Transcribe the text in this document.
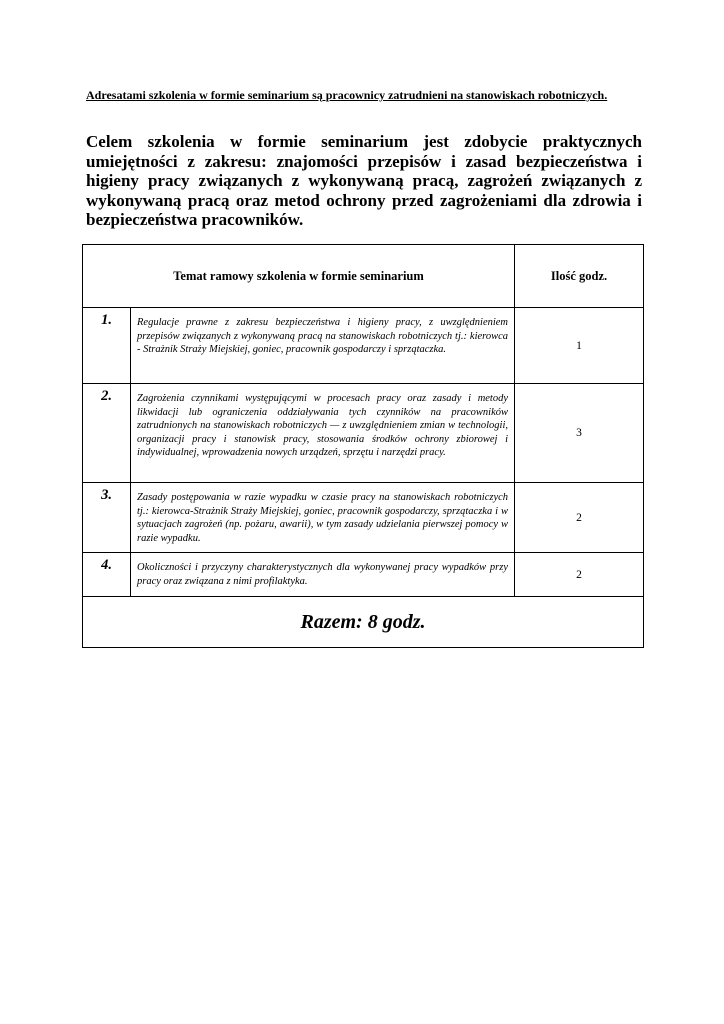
Adresatami szkolenia w formie seminarium są pracownicy zatrudnieni na stanowiskach robotniczych.
Celem szkolenia w formie seminarium jest zdobycie praktycznych umiejętności z zakresu: znajomości przepisów i zasad bezpieczeństwa i higieny pracy związanych z wykonywaną pracą, zagrożeń związanych z wykonywaną pracą oraz metod ochrony przed zagrożeniami dla zdrowia i bezpieczeństwa pracowników.
Temat ramowy szkolenia w formie seminarium		Ilość godz.
1.	Regulacje prawne z zakresu bezpieczeństwa i higieny pracy, z uwzględnieniem przepisów związanych z wykonywaną pracą na stanowiskach robotniczych tj.: kierowca - Strażnik Straży Miejskiej, goniec, pracownik gospodarczy i sprzątaczka.	1
2.	Zagrożenia czynnikami występującymi w procesach pracy oraz zasady i metody likwidacji lub ograniczenia oddziaływania tych czynników na pracowników zatrudnionych na stanowiskach robotniczych — z uwzględnieniem zmian w technologii, organizacji pracy i stanowisk pracy, stosowania środków ochrony zbiorowej i indywidualnej, wprowadzenia nowych urządzeń, sprzętu i narzędzi pracy.	3
3.	Zasady postępowania w razie wypadku w czasie pracy na stanowiskach robotniczych tj.: kierowca-Strażnik Straży Miejskiej, goniec, pracownik gospodarczy, sprzątaczka i w sytuacjach zagrożeń (np. pożaru, awarii), w tym zasady udzielania pierwszej pomocy w razie wypadku.	2
4.	Okoliczności i przyczyny charakterystycznych dla wykonywanej pracy wypadków przy pracy oraz związana z nimi profilaktyka.	2
Razem: 8 godz.		
